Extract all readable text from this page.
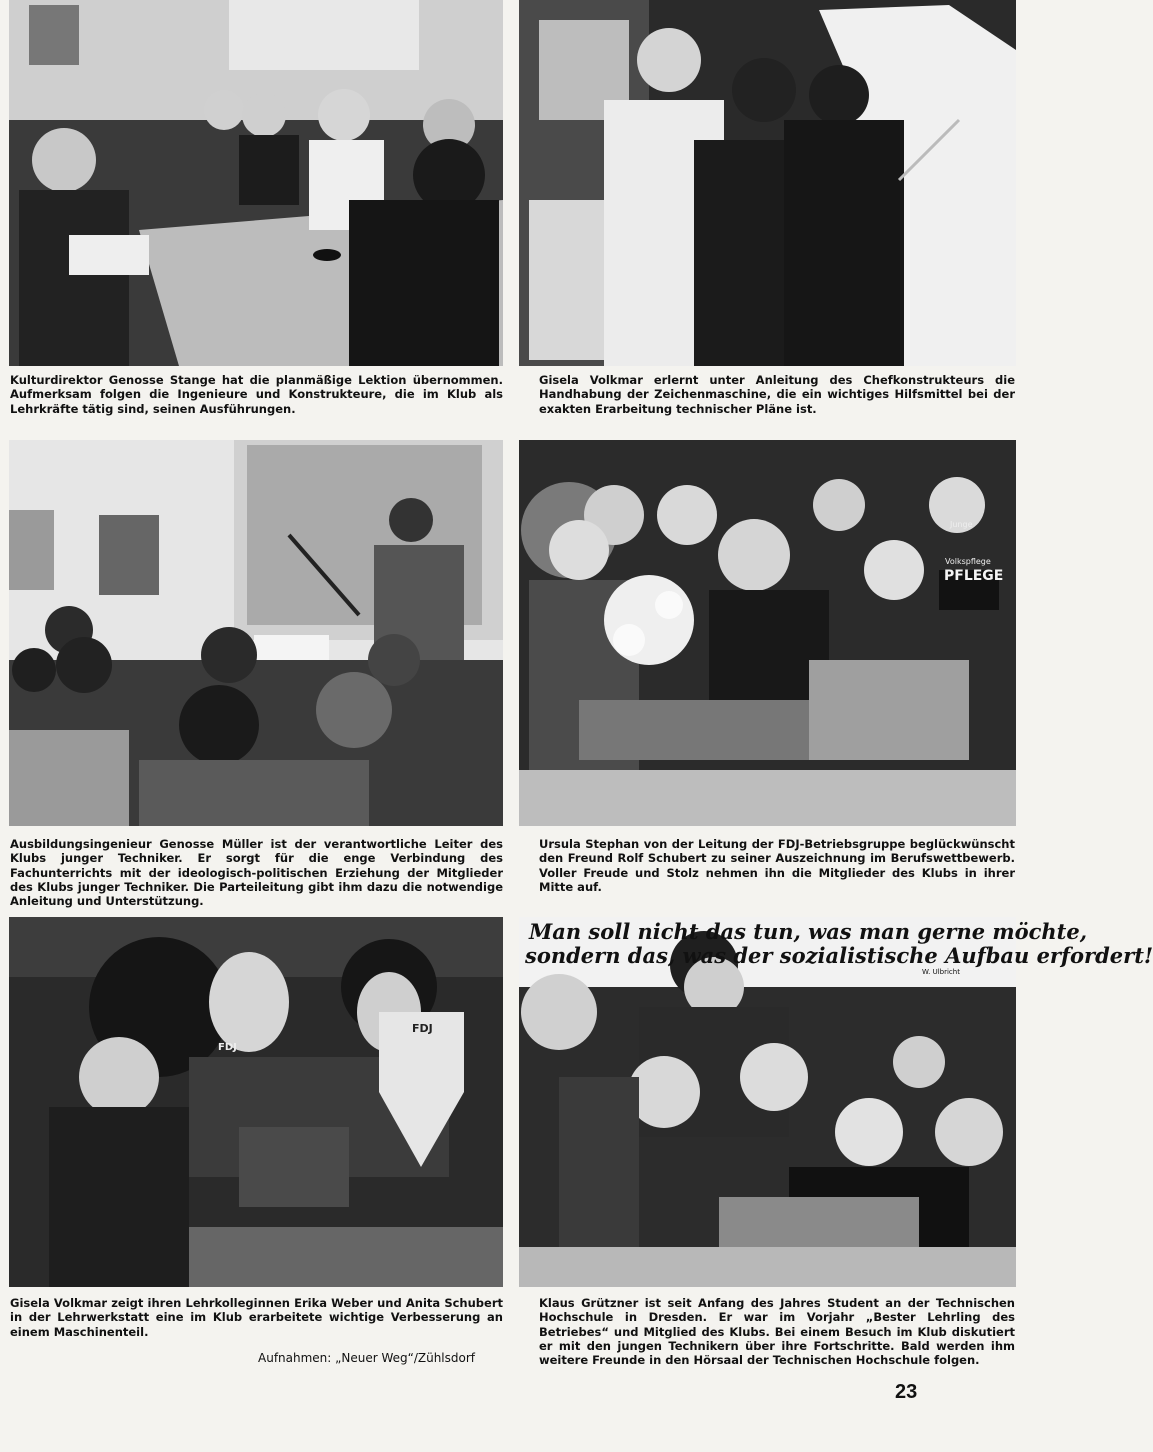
Kulturdirektor Genosse Stange hat die planmäßige Lektion übernommen. Aufmerksam folgen die Ingenieure und Konstrukteure, die im Klub als Lehrkräfte tätig sind, seinen Ausführungen.

Gisela Volkmar erlernt unter Anleitung des Chefkonstrukteurs die Handhabung der Zeichenmaschine, die ein wichtiges Hilfsmittel bei der exakten Erarbeitung technischer Pläne ist.

Junge
Volkspflege
PFLEGE

Ausbildungsingenieur Genosse Müller ist der verantwortliche Leiter des Klubs junger Techniker. Er sorgt für die enge Verbindung des Fachunterrichts mit der ideologisch-politischen Erziehung der Mitglieder des Klubs junger Techniker. Die Parteileitung gibt ihm dazu die notwendige Anleitung und Unterstützung.

Ursula Stephan von der Leitung der FDJ-Betriebsgruppe beglückwünscht den Freund Rolf Schubert zu seiner Auszeichnung im Berufswettbewerb. Voller Freude und Stolz nehmen ihn die Mitglieder des Klubs in ihrer Mitte auf.

FDJ
FDJ
Man soll nicht das tun, was man gerne möchte,
sondern das, was der sozialistische Aufbau erfordert!
W. Ulbricht

Gisela Volkmar zeigt ihren Lehrkolleginnen Erika Weber und Anita Schubert in der Lehrwerkstatt eine im Klub erarbeitete wichtige Verbesserung an einem Maschinenteil.

Klaus Grützner ist seit Anfang des Jahres Student an der Technischen Hochschule in Dresden. Er war im Vorjahr „Bester Lehrling des Betriebes“ und Mitglied des Klubs. Bei einem Besuch im Klub diskutiert er mit den jungen Technikern über ihre Fortschritte. Bald werden ihm weitere Freunde in den Hörsaal der Technischen Hochschule folgen.

Aufnahmen: „Neuer Weg“/Zühlsdorf
23
